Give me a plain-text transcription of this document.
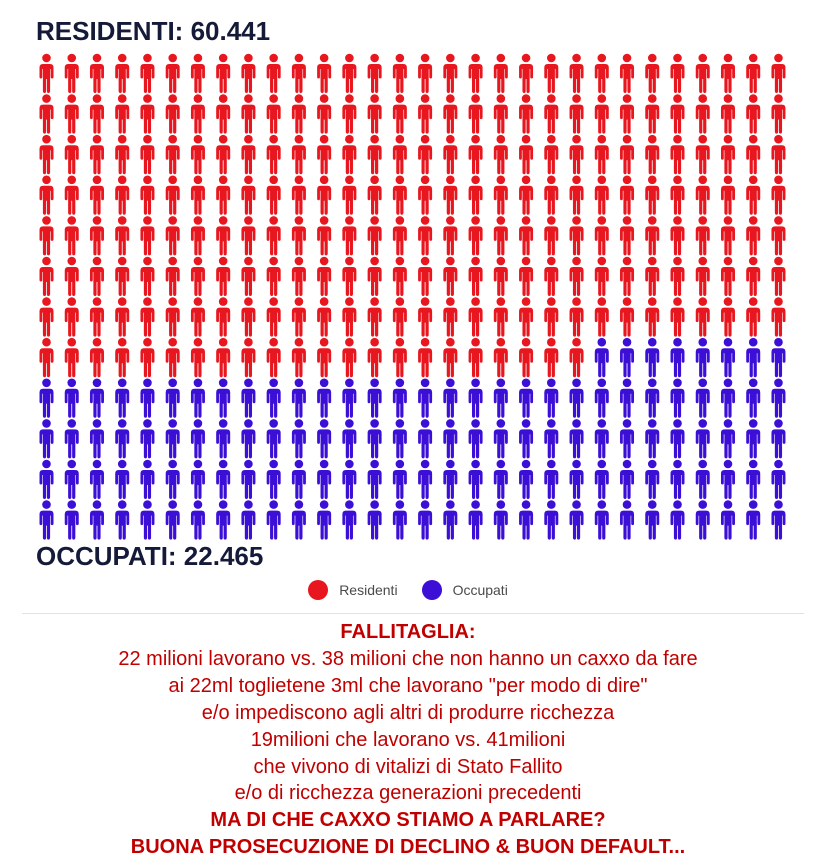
RESIDENTI: 60.441
OCCUPATI: 22.465
Residenti	Occupati
FALLITAGLIA:
22 milioni lavorano vs. 38 milioni che non hanno un caxxo da fare
ai 22ml toglietene 3ml che lavorano "per modo di dire"
e/o impediscono agli altri di produrre ricchezza
19milioni che lavorano vs. 41milioni
che vivono di vitalizi di Stato Fallito
e/o di ricchezza generazioni precedenti
MA DI CHE CAXXO STIAMO A PARLARE?
BUONA PROSECUZIONE DI DECLINO & BUON DEFAULT...
